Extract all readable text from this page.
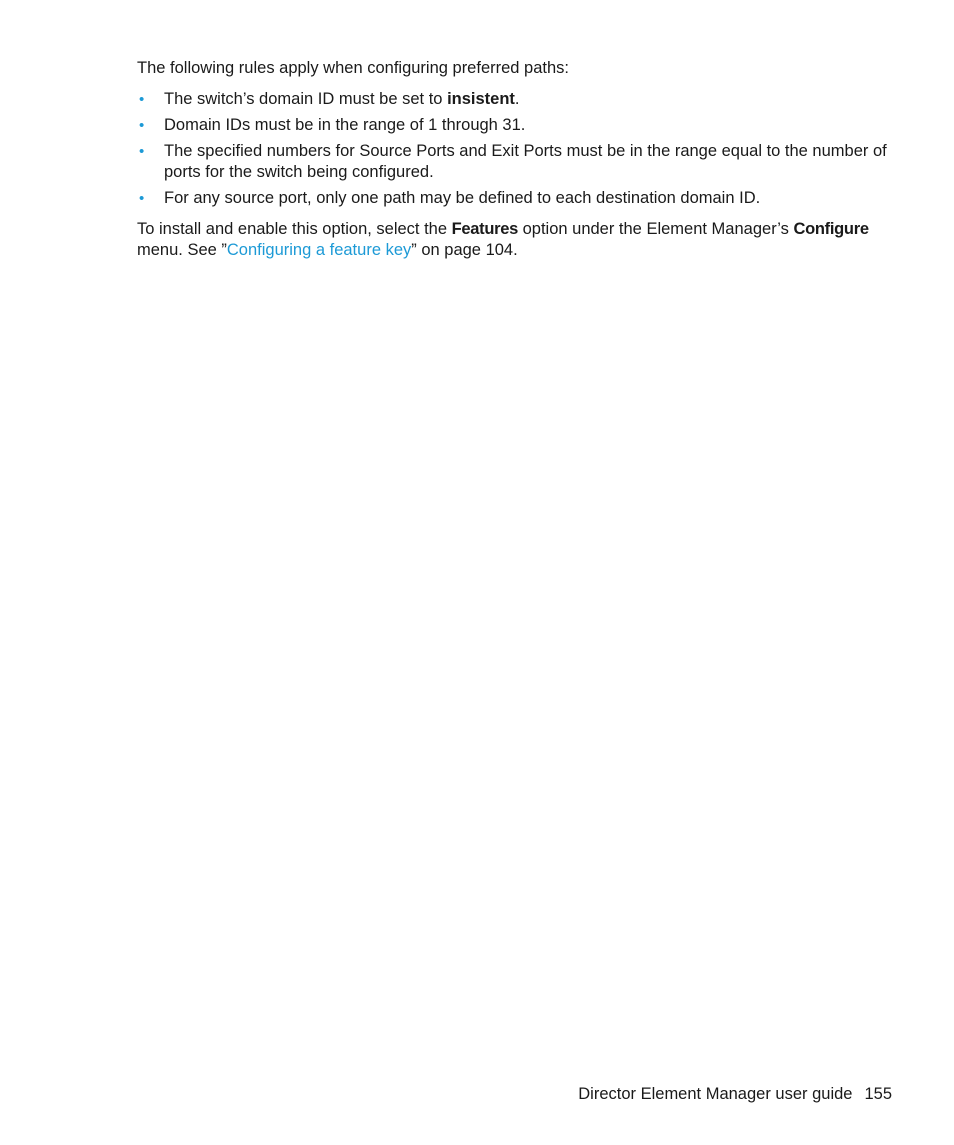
The following rules apply when configuring preferred paths:

• The switch’s domain ID must be set to insistent.
• Domain IDs must be in the range of 1 through 31.
• The specified numbers for Source Ports and Exit Ports must be in the range equal to the number of ports for the switch being configured.
• For any source port, only one path may be defined to each destination domain ID.

To install and enable this option, select the Features option under the Element Manager’s Configure menu. See ”Configuring a feature key” on page 104.

Director Element Manager user guide 155
